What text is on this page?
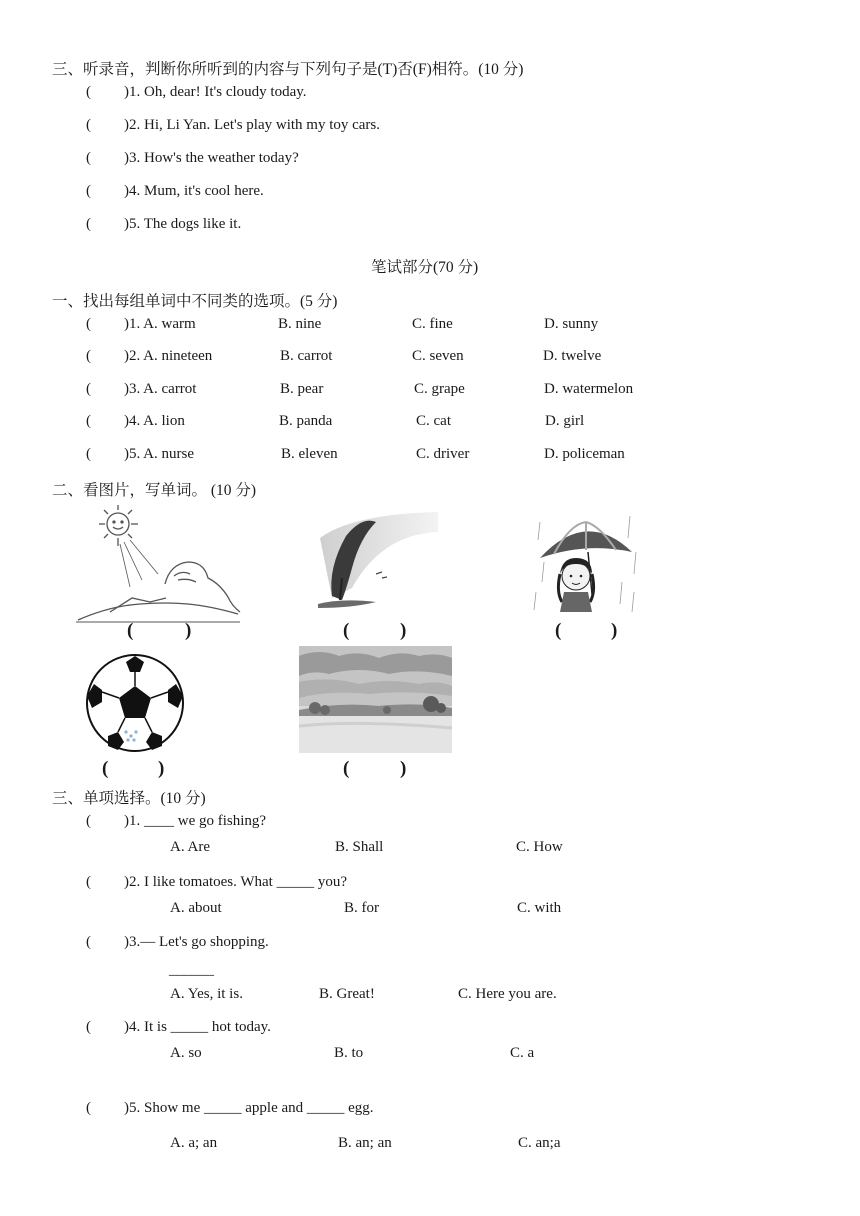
三、听录音，判断你所听到的内容与下列句子是(T)否(F)相符。(10 分)
( )1. Oh, dear! It's cloudy today.
( )2. Hi, Li Yan. Let's play with my toy cars.
( )3. How's the weather today?
( )4. Mum, it's cool here.
( )5. The dogs like it.
笔试部分(70 分)
一、找出每组单词中不同类的选项。(5 分)
( )1. A. warm	B. nine	C. fine	D. sunny
( )2. A. nineteen	B. carrot	C. seven	D. twelve
( )3. A. carrot	B. pear	C. grape	D. watermelon
( )4. A. lion	B. panda	C. cat	D. girl
( )5. A. nurse	B. eleven	C. driver	D. policeman
二、看图片，写单词。 (10 分)
(	)	(	)	(	)
(	)	(	)
三、单项选择。(10 分)
( )1. ____ we go fishing?
A. Are	B. Shall	C. How
( )2. I like tomatoes. What _____ you?
A. about	B. for	C. with
( )3.— Let's go shopping.
______
A. Yes, it is.	B. Great!	C. Here you are.
( )4. It is _____ hot today.
A. so	B. to	C. a
( )5. Show me _____ apple and _____ egg.
A. a; an	B. an; an	C. an;a
